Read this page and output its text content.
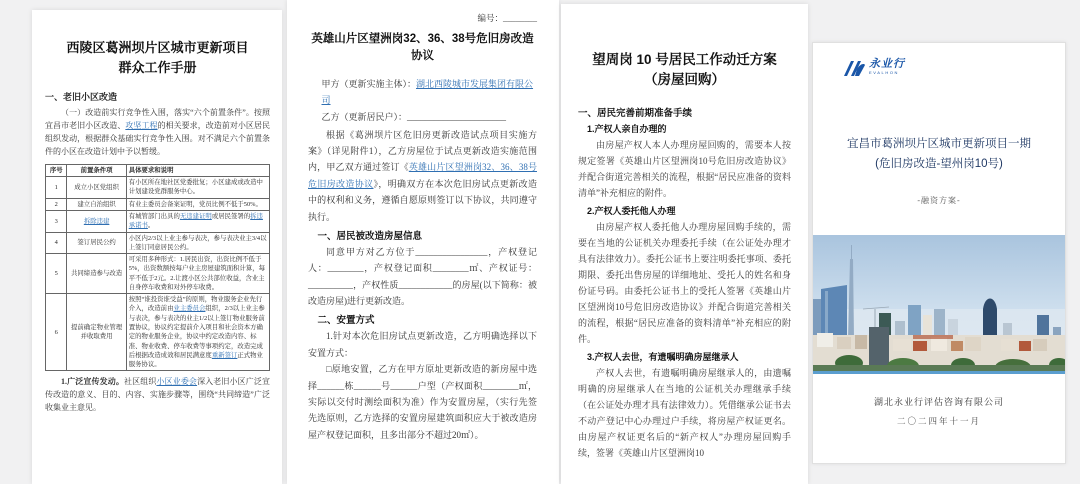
西陵区葛洲坝片区城市更新项目
群众工作手册
一、老旧小区改造

（一）改造前实行竞争性入围，落实“六个前置条件”。按照宜昌市老旧小区改造、攻坚工程的相关要求，改造前对小区居民组织发动，根据群众基础实行竞争性入围。对不满足六个前置条件的小区在改造计划中予以暂缓。

序号	前置条件项	具体要求和说明
1	成立小区党组织	有小区所在地社区党委批复；小区建成或改造中计划建设党群服务中心。
2	建立自治组织	有业主委员会备案证明，党员比例不低于50%。
3	拆除违建	有城管部门出具的无违建证明或居民签署的拆违承诺书。
4	签订居民公约	小区内2/3以上业主参与表决，参与表决业主3/4以上签订同意居民公约。
5	共同缔造参与改造	可采用多种形式：1.居民出资，出资比例不低于5%，出资数额按每户业主房屋建筑面积计算，每平不低于2元。2.让渡小区公共部位收益，含业主自身停车收费和对外停车收费。
6	提前确定物业管理并收取费用	按照“谁投资谁受益”的原则，物业服务企业先行介入，改造前由业主委员会组织，2/3以上业主参与表决，参与表决的业主1/2以上签订物业服务前置协议，协议约定提前介入项目和社会资本方确定的物业服务企业，协议中约定改造内容、标准、物业收费、停车收费等事项约定，改造完成后根据改造成效和居民满意度重新签订正式物业服务协议。

1.广泛宣传发动。社区组织小区业委会深入老旧小区广泛宣传改造的意义、目的、内容、实施步骤等，围绕“共同缔造”广泛收集业主意见。

编号：________
英雄山片区望洲岗32、36、38号危旧房改造协议
甲方（更新实施主体）：湖北西陵城市发展集团有限公司
乙方（更新居民户）：______________________

根据《葛洲坝片区危旧房更新改造试点项目实施方案》（详见附件1），乙方房屋位于试点更新改造实施范围内，甲乙双方通过签订《英雄山片区望洲岗32、36、38号危旧房改造协议》，明确双方在本次危旧房试点更新改造中的权利和义务，遵循自愿原则签订以下协议，共同遵守执行。

一、居民被改造房屋信息

同意甲方对乙方位于________________，产权登记人：________，产权登记面积________㎡、产权证号：__________，产权性质____________的房屋(以下简称：被改造房屋)进行更新改造。

二、安置方式

1.针对本次危旧房试点更新改造，乙方明确选择以下安置方式：

□原地安置，乙方在甲方原址更新改造的新房屋中选择______栋______号______户型（产权面积________㎡，实际以交付时测绘面积为准）作为安置房屋，（实行先签先选原则，乙方选择的安置房屋建筑面积应大于被改造房屋产权登记面积，且多出部分不超过20㎡）。

望周岗 10 号居民工作动迁方案
（房屋回购）
一、居民完善前期准备手续
1.产权人亲自办理的

由房屋产权人本人办理房屋回购的，需要本人按规定签署《英雄山片区望洲岗10号危旧房改造协议》并配合街道完善相关的流程，根据“居民应准备的资料清单”补充相应的附件。

2.产权人委托他人办理

由房屋产权人委托他人办理房屋回购手续的，需要在当地的公证机关办理委托手续（在公证处办理才具有法律效力）。委托公证书上要注明委托事项、委托期限、委托出售房屋的详细地址、受托人的姓名和身份证号码。由委托公证书上的受托人签署《英雄山片区望洲岗10号危旧房改造协议》并配合街道完善相关的流程，根据“居民应准备的资料清单”补充相应的附件。

3.产权人去世，有遗嘱明确房屋继承人

产权人去世，有遗嘱明确房屋继承人的，由遗嘱明确的房屋继承人在当地的公证机关办理继承手续（在公证处办理才具有法律效力）。凭借继承公证书去不动产登记中心办理过户手续，将房屋产权证更名。由房屋产权证更名后的“新产权人”办理房屋回购手续，签署《英雄山片区望洲岗10

永业行
EVALHON
宜昌市葛洲坝片区城市更新项目一期
(危旧房改造-望州岗10号)
-融资方案-
湖北永业行评估咨询有限公司
二〇二四年十一月
